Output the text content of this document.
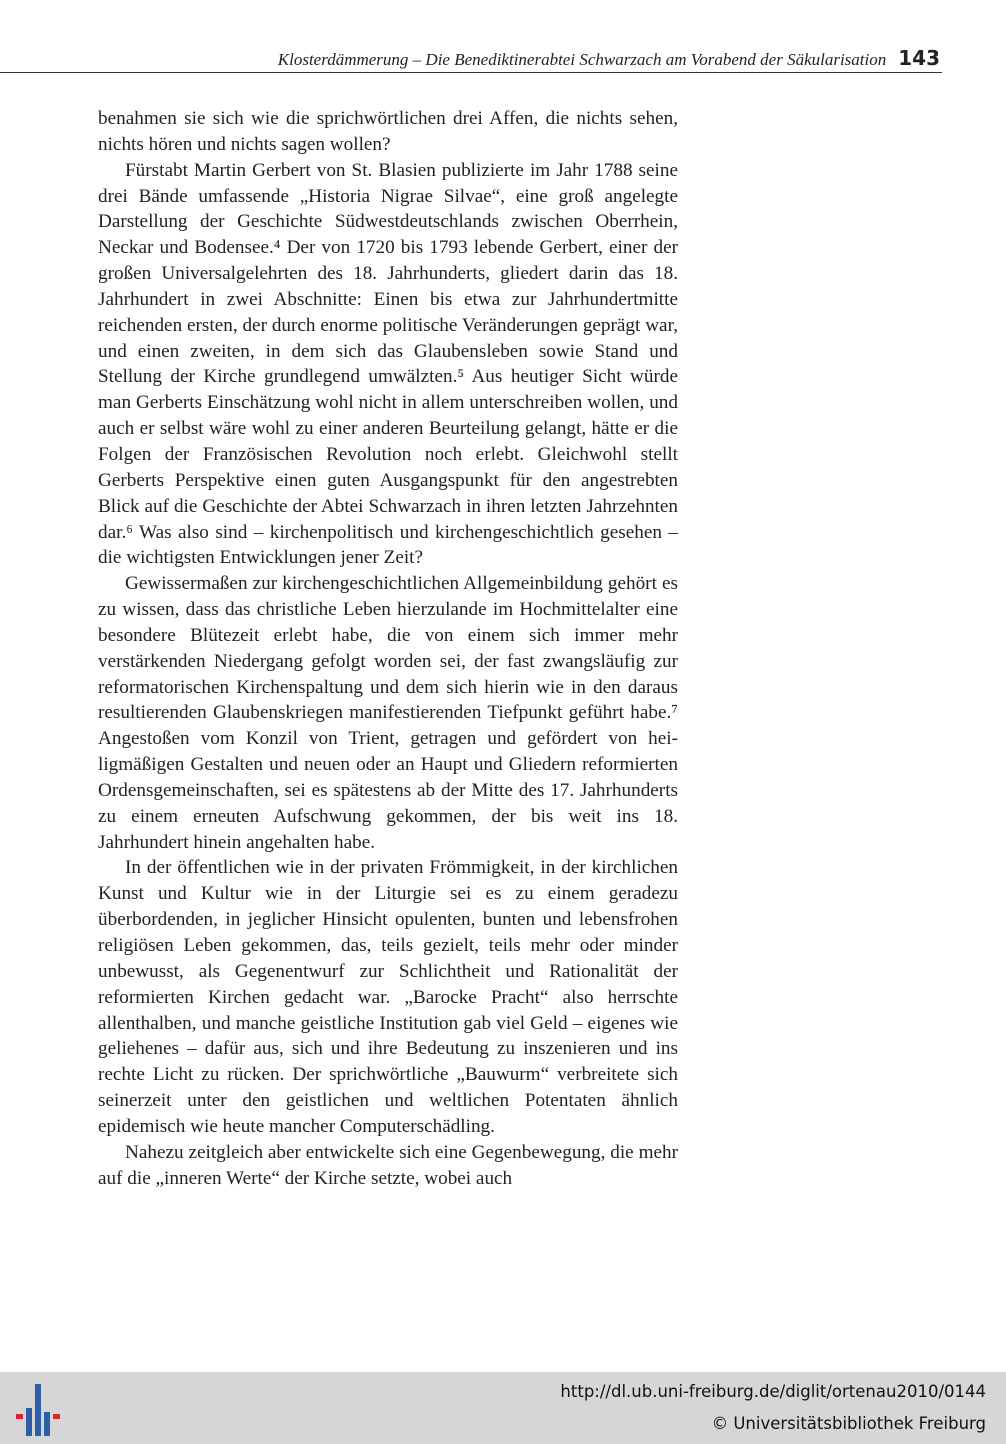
Klosterdämmerung – Die Benediktinerabtei Schwarzach am Vorabend der Säkularisation 143

benahmen sie sich wie die sprichwörtlichen drei Affen, die nichts sehen, nichts hören und nichts sagen wollen?

Fürstabt Martin Gerbert von St. Blasien publizierte im Jahr 1788 seine drei Bände umfassende „Historia Nigrae Silvae“, eine groß angelegte Darstellung der Geschichte Südwestdeutschlands zwischen Oberrhein, Neckar und Bodensee.⁴ Der von 1720 bis 1793 lebende Gerbert, einer der großen Universalgelehrten des 18. Jahrhunderts, gliedert darin das 18. Jahrhundert in zwei Abschnitte: Einen bis etwa zur Jahrhundertmitte reichenden ersten, der durch enorme politische Veränderungen geprägt war, und einen zweiten, in dem sich das Glaubensleben sowie Stand und Stellung der Kirche grundlegend umwälzten.⁵ Aus heutiger Sicht würde man Gerberts Einschätzung wohl nicht in allem unterschreiben wollen, und auch er selbst wäre wohl zu einer anderen Beurteilung gelangt, hätte er die Folgen der Französischen Revolution noch erlebt. Gleichwohl stellt Gerberts Perspektive einen guten Ausgangspunkt für den angestrebten Blick auf die Geschichte der Abtei Schwarzach in ihren letzten Jahrzehnten dar.⁶ Was also sind – kirchenpolitisch und kirchengeschichtlich gesehen – die wichtigsten Entwicklungen jener Zeit?

Gewissermaßen zur kirchengeschichtlichen Allgemeinbildung gehört es zu wissen, dass das christliche Leben hierzulande im Hochmittelalter eine besondere Blütezeit erlebt habe, die von einem sich immer mehr verstärkenden Niedergang gefolgt worden sei, der fast zwangsläufig zur reformatorischen Kirchenspaltung und dem sich hierin wie in den daraus resultierenden Glaubenskriegen manifestierenden Tiefpunkt geführt habe.⁷ Angestoßen vom Konzil von Trient, getragen und gefördert von heiligmäßigen Gestalten und neuen oder an Haupt und Gliedern reformierten Ordensgemeinschaften, sei es spätestens ab der Mitte des 17. Jahrhunderts zu einem erneuten Aufschwung gekommen, der bis weit ins 18. Jahrhundert hinein angehalten habe.

In der öffentlichen wie in der privaten Frömmigkeit, in der kirchlichen Kunst und Kultur wie in der Liturgie sei es zu einem geradezu überbordenden, in jeglicher Hinsicht opulenten, bunten und lebensfrohen religiösen Leben gekommen, das, teils gezielt, teils mehr oder minder unbewusst, als Gegenentwurf zur Schlichtheit und Rationalität der reformierten Kirchen gedacht war. „Barocke Pracht“ also herrschte allenthalben, und manche geistliche Institution gab viel Geld – eigenes wie geliehenes – dafür aus, sich und ihre Bedeutung zu inszenieren und ins rechte Licht zu rücken. Der sprichwörtliche „Bauwurm“ verbreitete sich seinerzeit unter den geistlichen und weltlichen Potentaten ähnlich epidemisch wie heute mancher Computerschädling.

Nahezu zeitgleich aber entwickelte sich eine Gegenbewegung, die mehr auf die „inneren Werte“ der Kirche setzte, wobei auch

http://dl.ub.uni-freiburg.de/diglit/ortenau2010/0144
© Universitätsbibliothek Freiburg
